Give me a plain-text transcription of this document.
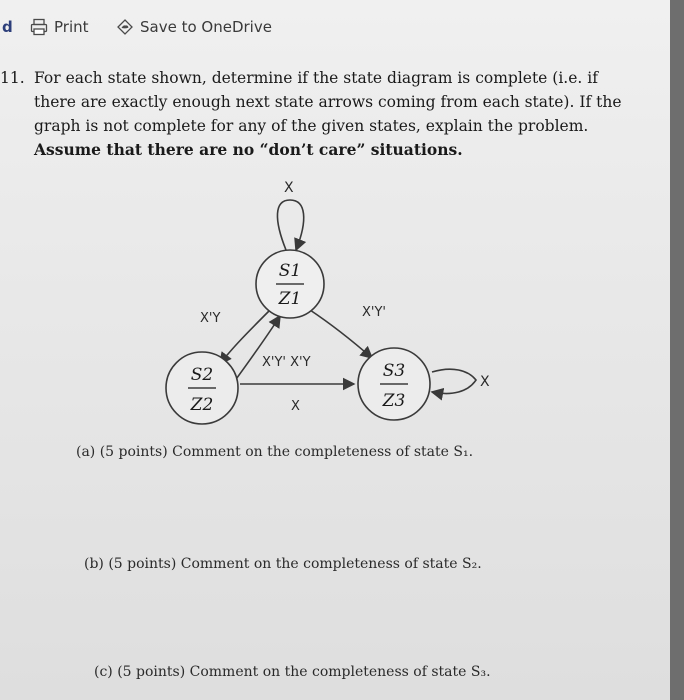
d	Print	Save to OneDrive
11. For each state shown, determine if the state diagram is complete (i.e. if there are exactly enough next state arrows coming from each state). If the graph is not complete for any of the given states, explain the problem. Assume that there are no “don’t care” situations.
X
X'Y
X'Y' X'Y
X'Y'
X
X
S1
Z1
S2
Z2
S3
Z3
(a) (5 points) Comment on the completeness of state S₁.
(b) (5 points) Comment on the completeness of state S₂.
(c) (5 points) Comment on the completeness of state S₃.
